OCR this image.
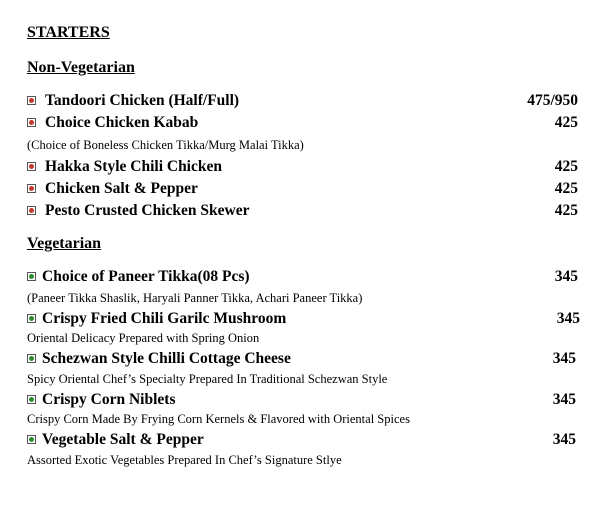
STARTERS
Non-Vegetarian
Tandoori Chicken (Half/Full)	475/950
Choice Chicken Kabab	425
(Choice of Boneless Chicken Tikka/Murg Malai Tikka)
Hakka Style Chili Chicken	425
Chicken Salt & Pepper	425
Pesto Crusted Chicken Skewer	425
Vegetarian
Choice of Paneer Tikka(08 Pcs)	345
(Paneer Tikka Shaslik, Haryali Panner Tikka, Achari Paneer Tikka)
Crispy Fried Chili Garilc Mushroom	345
Oriental Delicacy Prepared with Spring Onion
Schezwan Style Chilli Cottage Cheese	345
Spicy Oriental Chef’s Specialty Prepared In Traditional Schezwan Style
Crispy Corn Niblets	345
Crispy Corn Made By Frying Corn Kernels & Flavored with Oriental Spices
Vegetable Salt & Pepper	345
Assorted Exotic Vegetables Prepared In Chef’s Signature Stlye
